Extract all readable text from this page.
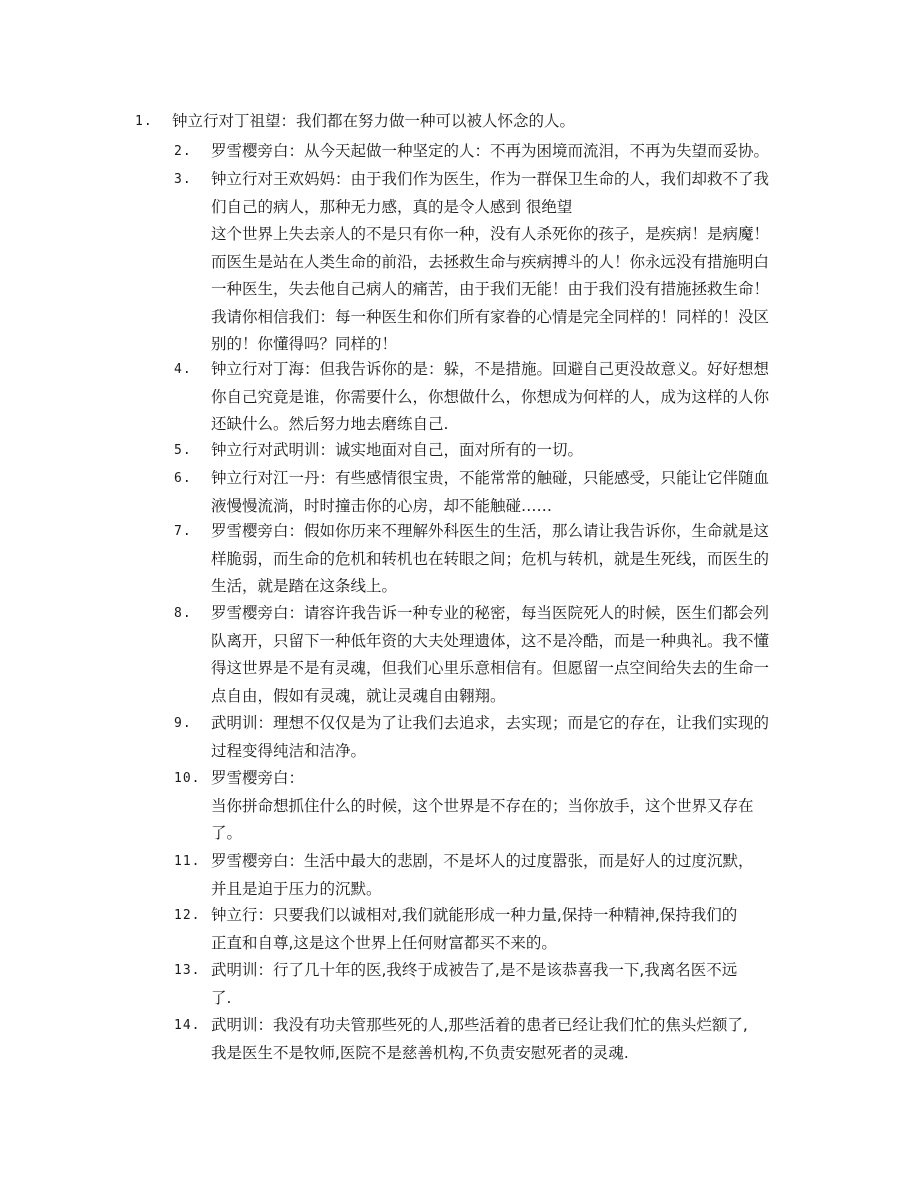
1. 钟立行对丁祖望：我们都在努力做一种可以被人怀念的人。
2. 罗雪樱旁白：从今天起做一种坚定的人：不再为困境而流泪，不再为失望而妥协。
3. 钟立行对王欢妈妈：由于我们作为医生，作为一群保卫生命的人，我们却救不了我
们自己的病人，那种无力感，真的是令人感到 很绝望
这个世界上失去亲人的不是只有你一种，没有人杀死你的孩子，是疾病！是病魔！
而医生是站在人类生命的前沿，去拯救生命与疾病搏斗的人！你永远没有措施明白
一种医生，失去他自己病人的痛苦，由于我们无能！由于我们没有措施拯救生命！
我请你相信我们：每一种医生和你们所有家眷的心情是完全同样的！同样的！没区
别的！你懂得吗？同样的！
4. 钟立行对丁海：但我告诉你的是：躲，不是措施。回避自己更没故意义。好好想想
你自己究竟是谁，你需要什么，你想做什么，你想成为何样的人，成为这样的人你
还缺什么。然后努力地去磨练自己.
5. 钟立行对武明训：诚实地面对自己，面对所有的一切。
6. 钟立行对江一丹：有些感情很宝贵，不能常常的触碰，只能感受，只能让它伴随血
液慢慢流淌，时时撞击你的心房，却不能触碰……
7. 罗雪樱旁白：假如你历来不理解外科医生的生活，那么请让我告诉你，生命就是这
样脆弱，而生命的危机和转机也在转眼之间；危机与转机，就是生死线，而医生的
生活，就是踏在这条线上。
8. 罗雪樱旁白：请容许我告诉一种专业的秘密，每当医院死人的时候，医生们都会列
队离开，只留下一种低年资的大夫处理遗体，这不是冷酷，而是一种典礼。我不懂
得这世界是不是有灵魂，但我们心里乐意相信有。但愿留一点空间给失去的生命一
点自由，假如有灵魂，就让灵魂自由翱翔。
9. 武明训：理想不仅仅是为了让我们去追求，去实现；而是它的存在，让我们实现的
过程变得纯洁和洁净。
10. 罗雪樱旁白：
当你拼命想抓住什么的时候，这个世界是不存在的；当你放手，这个世界又存在
了。
11. 罗雪樱旁白：生活中最大的悲剧，不是坏人的过度嚣张，而是好人的过度沉默，
并且是迫于压力的沉默。
12. 钟立行：只要我们以诚相对,我们就能形成一种力量,保持一种精神,保持我们的
正直和自尊,这是这个世界上任何财富都买不来的。
13. 武明训：行了几十年的医,我终于成被告了,是不是该恭喜我一下,我离名医不远
了.
14. 武明训：我没有功夫管那些死的人,那些活着的患者已经让我们忙的焦头烂额了,
我是医生不是牧师,医院不是慈善机构,不负责安慰死者的灵魂.
